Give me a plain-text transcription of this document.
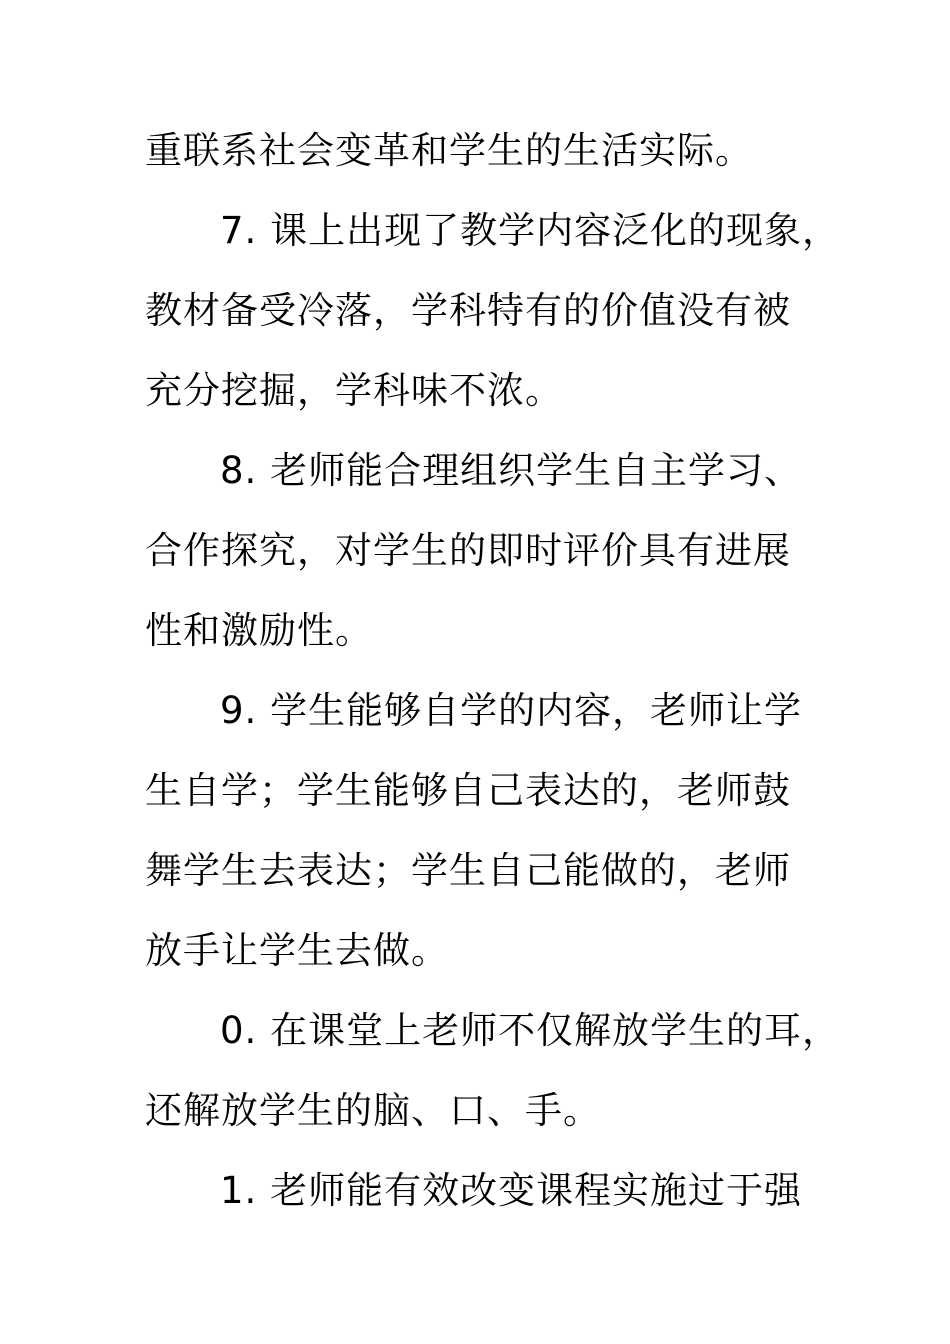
重联系社会变革和学生的生活实际。
7. 课上出现了教学内容泛化的现象，
教材备受冷落，学科特有的价值没有被
充分挖掘，学科味不浓。
8. 老师能合理组织学生自主学习、
合作探究，对学生的即时评价具有进展
性和激励性。
9. 学生能够自学的内容，老师让学
生自学；学生能够自己表达的，老师鼓
舞学生去表达；学生自己能做的，老师
放手让学生去做。
0. 在课堂上老师不仅解放学生的耳，
还解放学生的脑、口、手。
1. 老师能有效改变课程实施过于强
